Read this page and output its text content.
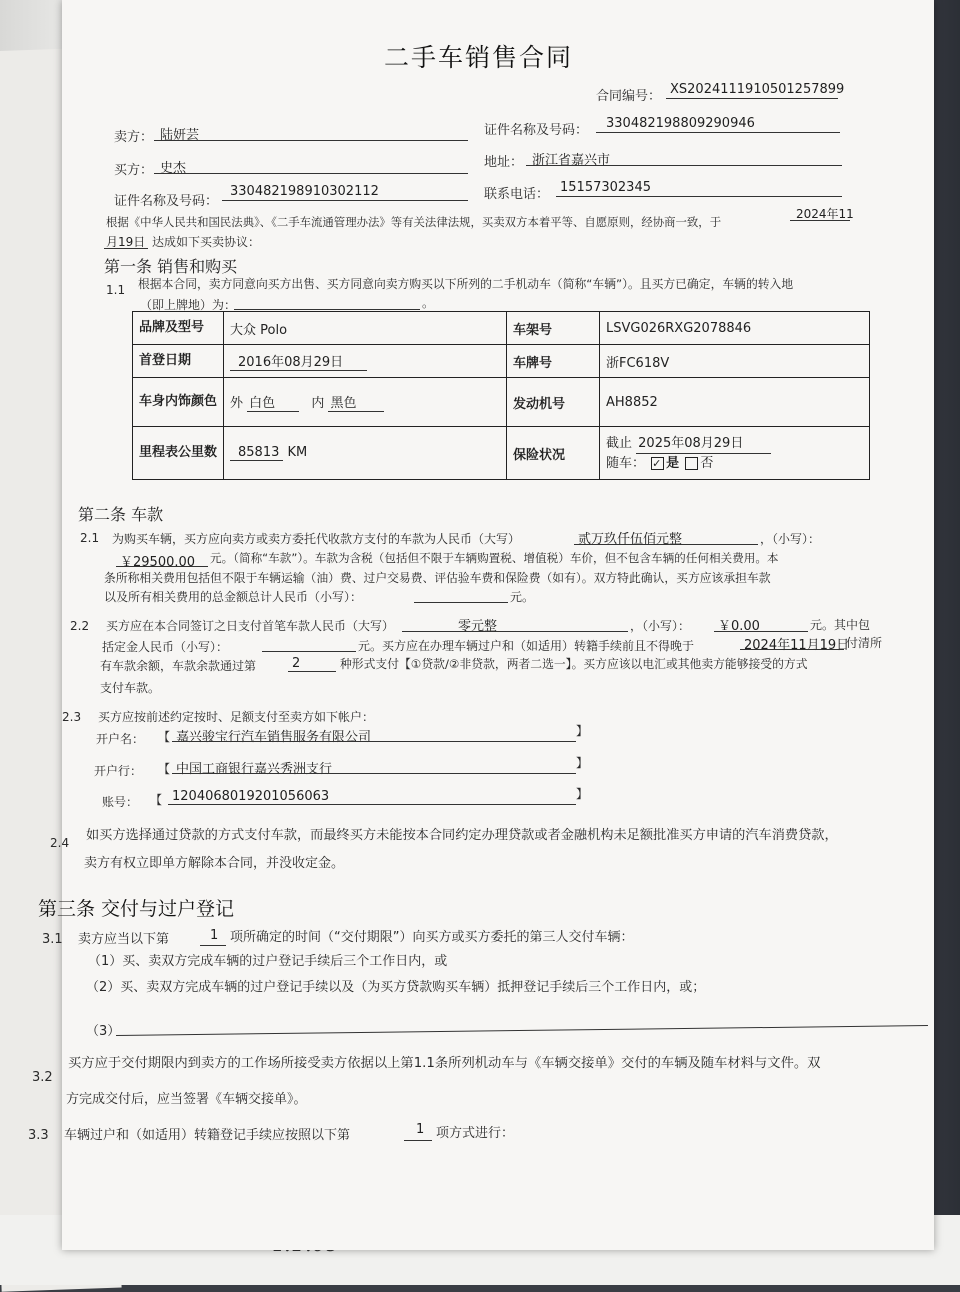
二手车销售合同
合同编号： XS20241119105012578​99
卖方： 陆妍芸	证件名称及号码： 330482198809290946
买方： 史杰	地址： 浙江省嘉兴市
证件名称及号码：
330482198910302112	联系电话： 15157302345
根据《中华人民共和国民法典》、《二手车流通管理办法》等有关法律法规，买卖双方本着平等、自愿原则，经协商一致，于
2024年11
月19日 达成如下买卖协议：
第一条 销售和购买
1.1 根据本合同，卖方同意向买方出售、买方同意向卖方购买以下所列的二手机动车（简称“车辆”）。且买方已确定，车辆的转入地
（即上牌地）为：	。
品牌及型号	大众 Polo	车架号	LSVG026RXG2078846
首登日期	2016年08月29日	车牌号	浙FC618V
车身内饰颜色	外 白色 内 黑色	发动机号	AH8852
里程表公里数	85813 KM	保险状况	截止 2025年08月29日
随车： ✓ 是 否
第二条 车款
2.1 为购买车辆，买方应向卖方或卖方委托代收款方支付的车款为人民币（大写）	贰万玖仟伍佰元整	，（小写）：
￥29500.00 元。（简称“车款”）。车款为含税（包括但不限于车辆购置税、增值税）车价，但不包含车辆的任何相关费用。本
条所称相关费用包括但不限于车辆运输（油）费、过户交易费、评估验车费和保险费（如有）。双方特此确认，买方应该承担车款
以及所有相关费用的总金额总计人民币（小写）：	元。
2.2 买方应在本合同签订之日支付首笔车款人民币（大写）	零元整	，（小写）： ￥0.00	元。其中包
括定金人民币（小写）：	元。买方应在办理车辆过户和（如适用）转籍手续前且不得晚于	2024年11月19日
付清所
有车款余额，车款余款通过第	2	种形式支付【①贷款/②非贷款，两者二选一】。买方应该以电汇或其他卖方能够接受的方式
支付车款。
2.3 买方应按前述约定按时、足额支付至卖方如下帐户：
开户名： 【 嘉兴骏宝行汽车销售服务有限公司	】
开户行： 【 中国工商银行嘉兴秀洲支行	】
账号： 【 1204068019201056063	】
2.4 如买方选择通过贷款的方式支付车款，而最终买方未能按本合同约定办理贷款或者金融机构未足额批准买方申请的汽车消费贷款，
卖方有权立即单方解除本合同，并没收定金。
第三条 交付与过户登记
3.1 卖方应当以下第	1 项所确定的时间（“交付期限”）向买方或买方委托的第三人交付车辆：
（1）买、卖双方完成车辆的过户登记手续后三个工作日内，或
（2）买、卖双方完成车辆的过户登记手续以及（为买方贷款购买车辆）抵押登记手续后三个工作日内，或；
（3）
3.2
买方应于交付期限内到卖方的工作场所接受卖方依据以上第1.1条所列机动车与《车辆交接单》交付的车辆及随车材料与文件。双
方完成交付后，应当签署《车辆交接单》。
3.3 车辆过户和（如适用）转籍登记手续应按照以下第	1 项方式进行：
